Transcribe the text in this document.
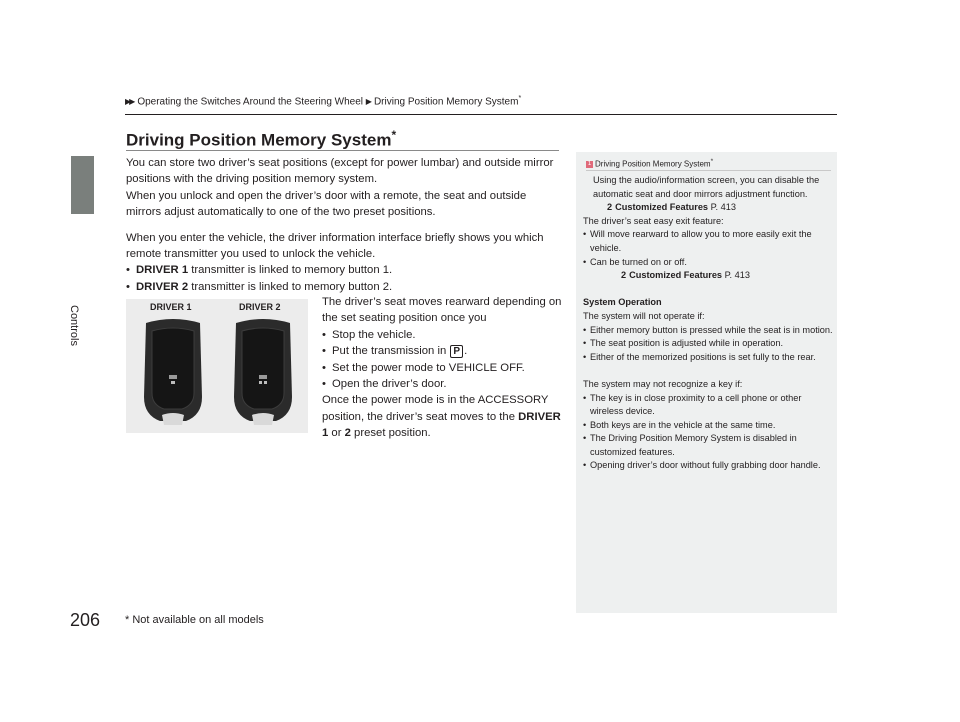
Controls
▶▶ Operating the Switches Around the Steering Wheel ▶ Driving Position Memory System*
Driving Position Memory System*

You can store two driver’s seat positions (except for power lumbar) and outside mirror positions with the driving position memory system.

When you unlock and open the driver’s door with a remote, the seat and outside mirrors adjust automatically to one of the two preset positions.

When you enter the vehicle, the driver information interface briefly shows you which remote transmitter you used to unlock the vehicle.

• DRIVER 1 transmitter is linked to memory button 1.

• DRIVER 2 transmitter is linked to memory button 2.

DRIVER 1	DRIVER 2	The driver’s seat moves rearward depending on the set seating position once you

• Stop the vehicle.

• Put the transmission in P .

• Set the power mode to VEHICLE OFF.

• Open the driver’s door.

Once the power mode is in the ACCESSORY position, the driver’s seat moves to the DRIVER 1 or 2 preset position.

1 Driving Position Memory System*

Using the audio/information screen, you can disable the automatic seat and door mirrors adjustment function.

2 Customized Features P. 413

The driver’s seat easy exit feature:

• Will move rearward to allow you to more easily exit the vehicle.

• Can be turned on or off.

2 Customized Features P. 413

System Operation

The system will not operate if:

• Either memory button is pressed while the seat is in motion.

• The seat position is adjusted while in operation.

• Either of the memorized positions is set fully to the rear.

The system may not recognize a key if:

• The key is in close proximity to a cell phone or other wireless device.

• Both keys are in the vehicle at the same time.

• The Driving Position Memory System is disabled in customized features.

• Opening driver’s door without fully grabbing door handle.

206 * Not available on all models
